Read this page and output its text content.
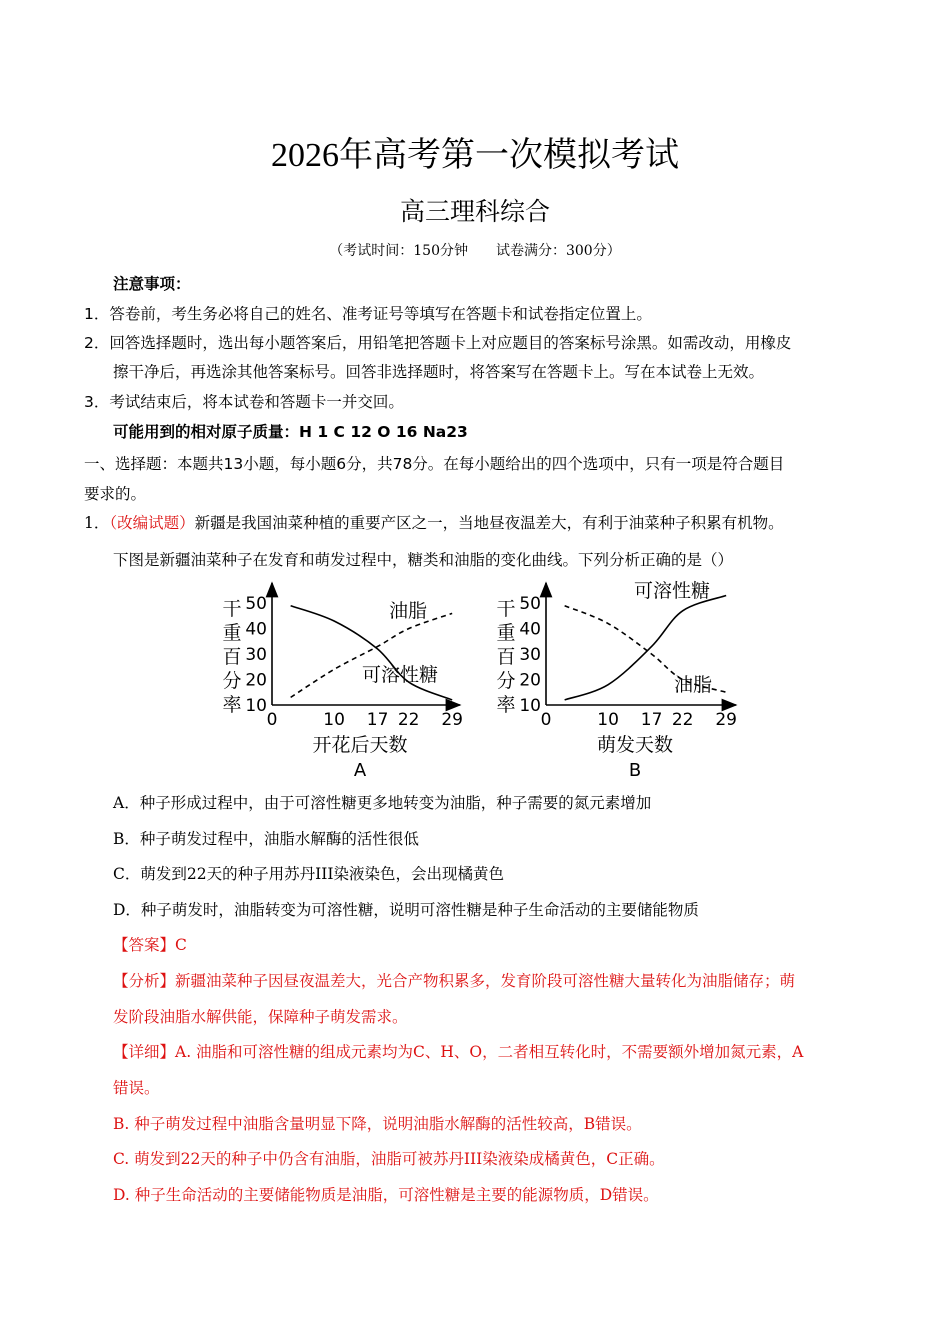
2026年高考第一次模拟考试
高三理科综合
（考试时间：150分钟　　试卷满分：300分）
注意事项：
1．答卷前，考生务必将自己的姓名、准考证号等填写在答题卡和试卷指定位置上。
2．回答选择题时，选出每小题答案后，用铅笔把答题卡上对应题目的答案标号涂黑。如需改动，用橡皮
擦干净后，再选涂其他答案标号。回答非选择题时，将答案写在答题卡上。写在本试卷上无效。
3．考试结束后，将本试卷和答题卡一并交回。
可能用到的相对原子质量：H 1 C 12 O 16 Na23
一、选择题：本题共13小题，每小题6分，共78分。在每小题给出的四个选项中，只有一项是符合题目
要求的。
1．（改编试题）新疆是我国油菜种植的重要产区之一，当地昼夜温差大，有利于油菜种子积累有机物。
下图是新疆油菜种子在发育和萌发过程中，糖类和油脂的变化曲线。下列分析正确的是（）
10
20
30
40
50
0	10 17 22 29
干
重
百
分
率
开花后天数
A
油脂
可溶性糖
10
20
30
40
50
0	10 17 22 29
干
重
百
分
率
萌发天数
B
可溶性糖
油脂
A．种子形成过程中，由于可溶性糖更多地转变为油脂，种子需要的氮元素增加
B．种子萌发过程中，油脂水解酶的活性很低
C．萌发到22天的种子用苏丹III染液染色，会出现橘黄色
D．种子萌发时，油脂转变为可溶性糖，说明可溶性糖是种子生命活动的主要储能物质
【答案】C
【分析】新疆油菜种子因昼夜温差大，光合产物积累多，发育阶段可溶性糖大量转化为油脂储存；萌
发阶段油脂水解供能，保障种子萌发需求。
【详细】A. 油脂和可溶性糖的组成元素均为C、H、O，二者相互转化时，不需要额外增加氮元素，A
错误。
B. 种子萌发过程中油脂含量明显下降，说明油脂水解酶的活性较高，B错误。
C. 萌发到22天的种子中仍含有油脂，油脂可被苏丹III染液染成橘黄色，C正确。
D. 种子生命活动的主要储能物质是油脂，可溶性糖是主要的能源物质，D错误。
